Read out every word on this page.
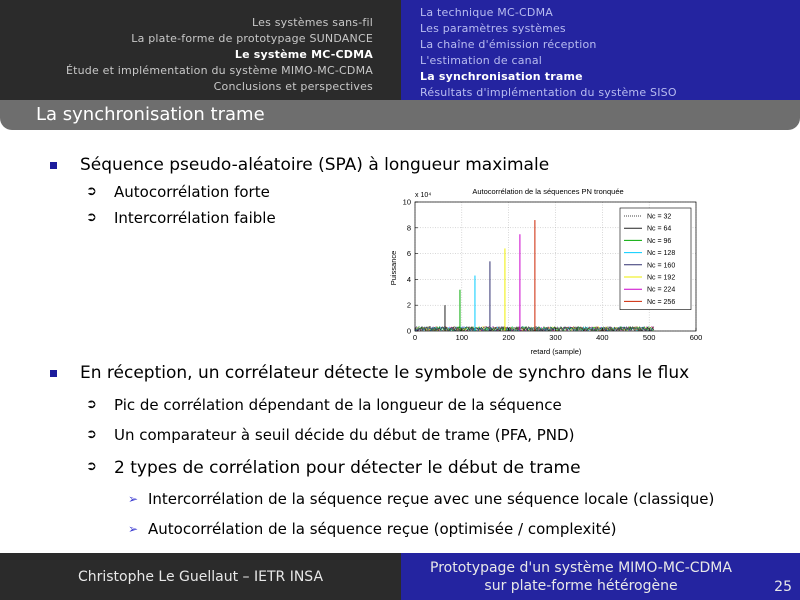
Les systèmes sans-fil
La plate-forme de prototypage SUNDANCE
Le système MC-CDMA
Étude et implémentation du système MIMO-MC-CDMA
Conclusions et perspectives
La technique MC-CDMA
Les paramètres systèmes
La chaîne d'émission réception
L'estimation de canal
La synchronisation trame
Résultats d'implémentation du système SISO
La synchronisation trame
Séquence pseudo-aléatoire (SPA) à longueur maximale
➲ Autocorrélation forte
➲ Intercorrélation faible
En réception, un corrélateur détecte le symbole de synchro dans le flux
➲ Pic de corrélation dépendant de la longueur de la séquence
➲ Un comparateur à seuil décide du début de trame (PFA, PND)
➲ 2 types de corrélation pour détecter le début de trame
➢ Intercorrélation de la séquence reçue avec une séquence locale (classique)
➢ Autocorrélation de la séquence reçue (optimisée / complexité)
0	100	200	300	400	500	600
0
2
4
6
8
10
Nc = 32
Nc = 64
Nc = 96
Nc = 128
Nc = 160
Nc = 192
Nc = 224
Nc = 256
Autocorrélation de la séquences PN tronquée
x 10⁴
retard (sample)
Puissance
Christophe Le Guellaut – IETR INSA
Prototypage d'un système MIMO-MC-CDMA
sur plate-forme hétérogène	25
